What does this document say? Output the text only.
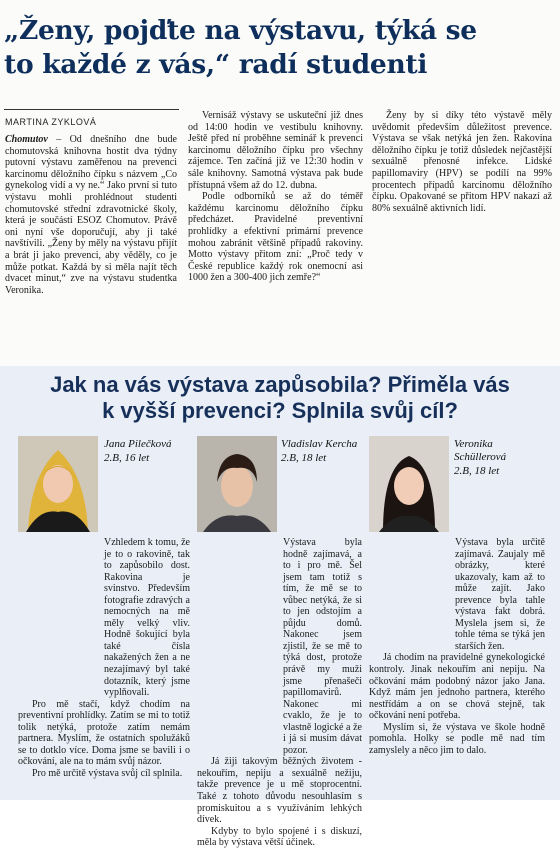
„Ženy, pojďte na výstavu, týká se
to každé z vás,“ radí studenti
MARTINA ZYKLOVÁ

Chomutov – Od dnešního dne bude chomutovská knihovna hostit dva týdny putovní výstavu zaměřenou na prevenci karcinomu děložního čípku s názvem „Co gynekolog vidí a vy ne.“ Jako první si tuto výstavu mohli prohlédnout studenti chomutovské střední zdravotnické školy, která je součástí ESOZ Chomutov. Právě oni nyní vše doporučují, aby ji také navštívili. „Ženy by měly na výstavu přijít a brát ji jako prevenci, aby věděly, co je může potkat. Každá by si měla najít těch dvacet minut,“ zve na výstavu studentka Veronika.

Vernisáž výstavy se uskuteční již dnes od 14:00 hodin ve vestibulu knihovny. Ještě před ní proběhne seminář k prevenci karcinomu děložního čípku pro všechny zájemce. Ten začíná již ve 12:30 hodin v sále knihovny. Samotná výstava pak bude přístupná všem až do 12. dubna.

Podle odborníků se až do téměř každému karcinomu děložního čípku předcházet. Pravidelné preventivní prohlídky a efektivní primární prevence mohou zabránit většině případů rakoviny. Motto výstavy přitom zní: „Proč tedy v České republice každý rok onemocní asi 1000 žen a 300-400 jich zemře?“

Ženy by si díky této výstavě měly uvědomit především důležitost prevence. Výstava se však netýká jen žen. Rakovina děložního čípku je totiž důsledek nejčastější sexuálně přenosné infekce. Lidské papillomaviry (HPV) se podílí na 99% procentech případů karcinomu děložního čípku. Opakované se přitom HPV nakazí až 80% sexuálně aktivních lidí.

Jak na vás výstava zapůsobila? Přiměla vás
k vyšší prevenci? Splnila svůj cíl?
Jana Pilečková
2.B, 16 let
Vladislav Kercha
2.B, 18 let
Veronika Schüllerová
2.B, 18 let

Vzhledem k tomu, že je to o rakovině, tak to zapůsobilo dost. Rakovina je svinstvo. Především fotografie zdravých a nemocných na mě měly velký vliv. Hodně šokující byla také čísla nakažených žen a ne nezajímavý byl také dotazník, který jsme vyplňovali.

Pro mě stačí, když chodím na preventivní prohlídky. Zatím se mi to totiž tolik netýká, protože zatím nemám partnera. Myslím, že ostatních spolužáků se to dotklo více. Doma jsme se bavili i o očkování, ale na to mám svůj názor.

Pro mě určitě výstava svůj cíl splnila.

Výstava byla hodně zajímavá, a to i pro mě. Šel jsem tam totiž s tím, že mě se to vůbec netýká, že si to jen odstojím a půjdu domů. Nakonec jsem zjistil, že se mě to týká dost, protože právě my muži jsme přenašeči papillomavirů. Nakonec mi cvaklo, že je to vlastně logické a že i já si musím dávat pozor.

Já žiji takovým běžných životem - nekouřím, nepiju a sexuálně nežiju, takže prevence je u mě stoprocentní. Také z tohoto důvodu nesouhlasím s promiskuitou a s využíváním lehkých dívek.

Kdyby to bylo spojené i s diskuzí, měla by výstava větší účinek.

Výstava byla určitě zajímavá. Zaujaly mě obrázky, které ukazovaly, kam až to může zajít. Jako prevence byla tahle výstava fakt dobrá. Myslela jsem si, že tohle téma se týká jen starších žen.

Já chodím na pravidelné gynekologické kontroly. Jinak nekouřím ani nepiju. Na očkování mám podobný názor jako Jana. Když mám jen jednoho partnera, kterého nestřídám a on se chová stejně, tak očkování není potřeba.

Myslím si, že výstava ve škole hodně pomohla. Holky se podle mě nad tím zamyslely a něco jim to dalo.
